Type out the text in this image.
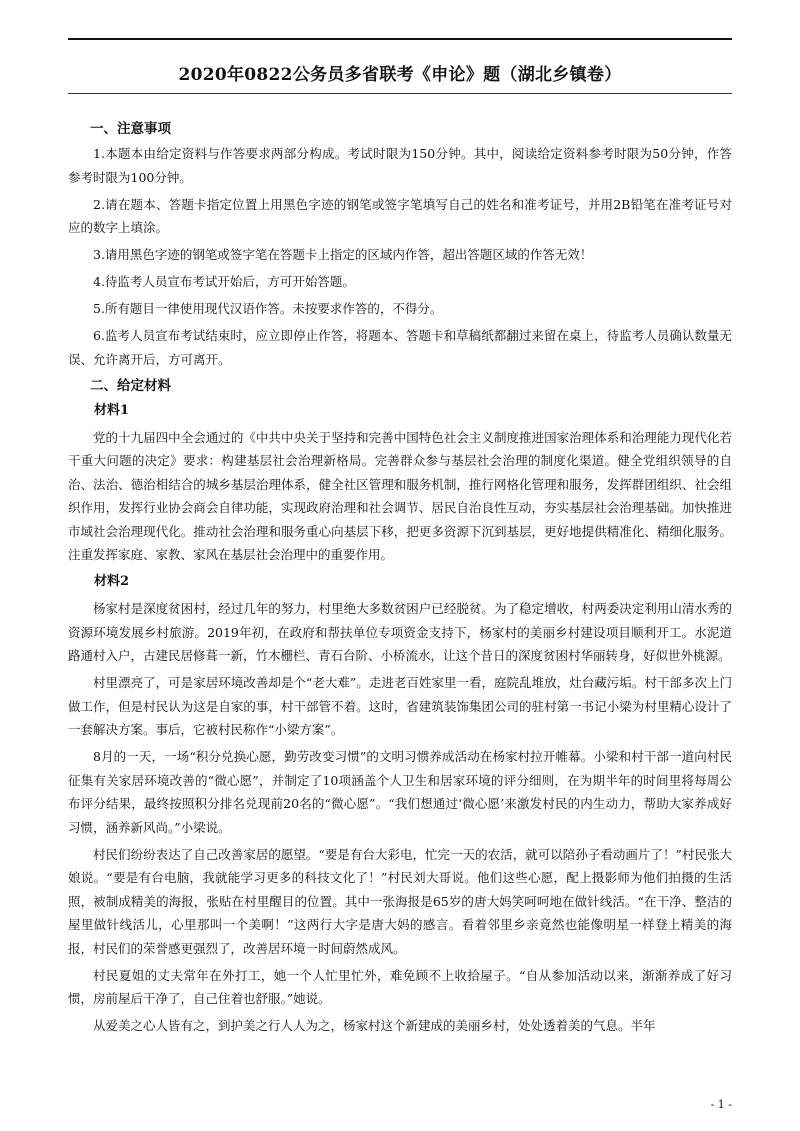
2020年0822公务员多省联考《申论》题（湖北乡镇卷）
一、注意事项

1.本题本由给定资料与作答要求两部分构成。考试时限为150分钟。其中，阅读给定资料参考时限为50分钟，作答参考时限为100分钟。

2.请在题本、答题卡指定位置上用黑色字迹的钢笔或签字笔填写自己的姓名和准考证号，并用2B铅笔在准考证号对应的数字上填涂。

3.请用黑色字迹的钢笔或签字笔在答题卡上指定的区域内作答，超出答题区域的作答无效！

4.待监考人员宣布考试开始后，方可开始答题。

5.所有题目一律使用现代汉语作答。未按要求作答的，不得分。

6.监考人员宣布考试结束时，应立即停止作答，将题本、答题卡和草稿纸都翻过来留在桌上，待监考人员确认数量无误、允许离开后，方可离开。

二、给定材料

材料1

党的十九届四中全会通过的《中共中央关于坚持和完善中国特色社会主义制度推进国家治理体系和治理能力现代化若干重大问题的决定》要求：构建基层社会治理新格局。完善群众参与基层社会治理的制度化渠道。健全党组织领导的自治、法治、德治相结合的城乡基层治理体系，健全社区管理和服务机制，推行网格化管理和服务，发挥群团组织、社会组织作用，发挥行业协会商会自律功能，实现政府治理和社会调节、居民自治良性互动，夯实基层社会治理基础。加快推进市域社会治理现代化。推动社会治理和服务重心向基层下移，把更多资源下沉到基层，更好地提供精准化、精细化服务。注重发挥家庭、家教、家风在基层社会治理中的重要作用。

材料2

杨家村是深度贫困村，经过几年的努力，村里绝大多数贫困户已经脱贫。为了稳定增收，村两委决定利用山清水秀的资源环境发展乡村旅游。2019年初，在政府和帮扶单位专项资金支持下，杨家村的美丽乡村建设项目顺利开工。水泥道路通村入户，古建民居修葺一新，竹木栅栏、青石台阶、小桥流水，让这个昔日的深度贫困村华丽转身，好似世外桃源。

村里漂亮了，可是家居环境改善却是个“老大难”。走进老百姓家里一看，庭院乱堆放，灶台藏污垢。村干部多次上门做工作，但是村民认为这是自家的事，村干部管不着。这时，省建筑装饰集团公司的驻村第一书记小梁为村里精心设计了一套解决方案。事后，它被村民称作“小梁方案”。

8月的一天，一场“积分兑换心愿，勤劳改变习惯”的文明习惯养成活动在杨家村拉开帷幕。小梁和村干部一道向村民征集有关家居环境改善的“微心愿”，并制定了10项涵盖个人卫生和居家环境的评分细则，在为期半年的时间里将每周公布评分结果，最终按照积分排名兑现前20名的“微心愿”。“我们想通过‘微心愿’来激发村民的内生动力，帮助大家养成好习惯，涵养新风尚。”小梁说。

村民们纷纷表达了自己改善家居的愿望。“要是有台大彩电，忙完一天的农活，就可以陪孙子看动画片了！”村民张大娘说。“要是有台电脑，我就能学习更多的科技文化了！”村民刘大哥说。他们这些心愿，配上摄影师为他们拍摄的生活照，被制成精美的海报，张贴在村里醒目的位置。其中一张海报是65岁的唐大妈笑呵呵地在做针线活。“在干净、整洁的屋里做针线活儿，心里那叫一个美啊！”这两行大字是唐大妈的感言。看着邻里乡亲竟然也能像明星一样登上精美的海报，村民们的荣誉感更强烈了，改善居环境一时间蔚然成风。

村民夏姐的丈夫常年在外打工，她一个人忙里忙外，难免顾不上收拾屋子。“自从参加活动以来，渐渐养成了好习惯，房前屋后干净了，自己住着也舒服。”她说。

从爱美之心人皆有之，到护美之行人人为之，杨家村这个新建成的美丽乡村，处处透着美的气息。半年

- 1 -
